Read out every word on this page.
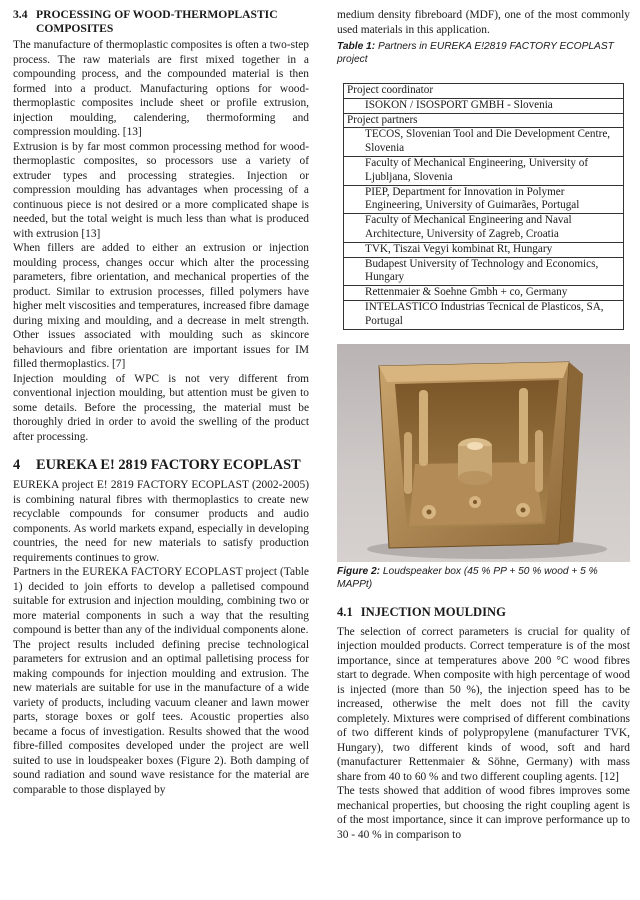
3.4 PROCESSING OF WOOD-THERMOPLASTIC COMPOSITES

The manufacture of thermoplastic composites is often a two-step process. The raw materials are first mixed together in a compounding process, and the compounded material is then formed into a product. Manufacturing options for wood-thermoplastic composites include sheet or profile extrusion, injection moulding, calendering, thermoforming and compression moulding. [13]

Extrusion is by far most common processing method for wood-thermoplastic composites, so processors use a variety of extruder types and processing strategies. Injection or compression moulding has advantages when processing of a continuous piece is not desired or a more complicated shape is needed, but the total weight is much less than what is produced with extrusion [13]

When fillers are added to either an extrusion or injection moulding process, changes occur which alter the processing parameters, fibre orientation, and mechanical properties of the product. Similar to extrusion processes, filled polymers have higher melt viscosities and temperatures, increased fibre damage during mixing and moulding, and a decrease in melt strength. Other issues associated with moulding such as skincore behaviours and fibre orientation are important issues for IM filled thermoplastics. [7]

Injection moulding of WPC is not very different from conventional injection moulding, but attention must be given to some details. Before the processing, the material must be thoroughly dried in order to avoid the swelling of the product after processing.

4	EUREKA E! 2819 FACTORY ECOPLAST

EUREKA project E! 2819 FACTORY ECOPLAST (2002-2005) is combining natural fibres with thermoplastics to create new recyclable compounds for consumer products and audio components. As world markets expand, especially in developing countries, the need for new materials to satisfy production requirements continues to grow.

Partners in the EUREKA FACTORY ECOPLAST project (Table 1) decided to join efforts to develop a palletised compound suitable for extrusion and injection moulding, combining two or more material components in such a way that the resulting compound is better than any of the individual components alone.

The project results included defining precise technological parameters for extrusion and an optimal palletising process for making compounds for injection moulding and extrusion. The new materials are suitable for use in the manufacture of a wide variety of products, including vacuum cleaner and lawn mower parts, storage boxes or golf tees. Acoustic properties also became a focus of investigation. Results showed that the wood fibre-filled composites developed under the project are well suited to use in loudspeaker boxes (Figure 2). Both damping of sound radiation and sound wave resistance for the material are comparable to those displayed by

medium density fibreboard (MDF), one of the most commonly used materials in this application.

Table 1: Partners in EUREKA E!2819 FACTORY ECOPLAST project
Project coordinator
ISOKON / ISOSPORT GMBH - Slovenia
Project partners
TECOS, Slovenian Tool and Die Development Centre, Slovenia
Faculty of Mechanical Engineering, University of Ljubljana, Slovenia
PIEP, Department for Innovation in Polymer Engineering, University of Guimarães, Portugal
Faculty of Mechanical Engineering and Naval Architecture, University of Zagreb, Croatia
TVK, Tiszai Vegyi kombinat Rt, Hungary
Budapest University of Technology and Economics, Hungary
Rettenmaier & Soehne Gmbh + co, Germany
INTELASTICO Industrias Tecnical de Plasticos, SA, Portugal
Figure 2: Loudspeaker box (45 % PP + 50 % wood + 5 % MAPPt)
4.1 INJECTION MOULDING

The selection of correct parameters is crucial for quality of injection moulded products. Correct temperature is of the most importance, since at temperatures above 200 °C wood fibres start to degrade. When composite with high percentage of wood is injected (more than 50 %), the injection speed has to be increased, otherwise the melt does not fill the cavity completely. Mixtures were comprised of different combinations of two different kinds of polypropylene (manufacturer TVK, Hungary), two different kinds of wood, soft and hard (manufacturer Rettenmaier & Söhne, Germany) with mass share from 40 to 60 % and two different coupling agents. [12]

The tests showed that addition of wood fibres improves some mechanical properties, but choosing the right coupling agent is of the most importance, since it can improve performance up to 30 - 40 % in comparison to
